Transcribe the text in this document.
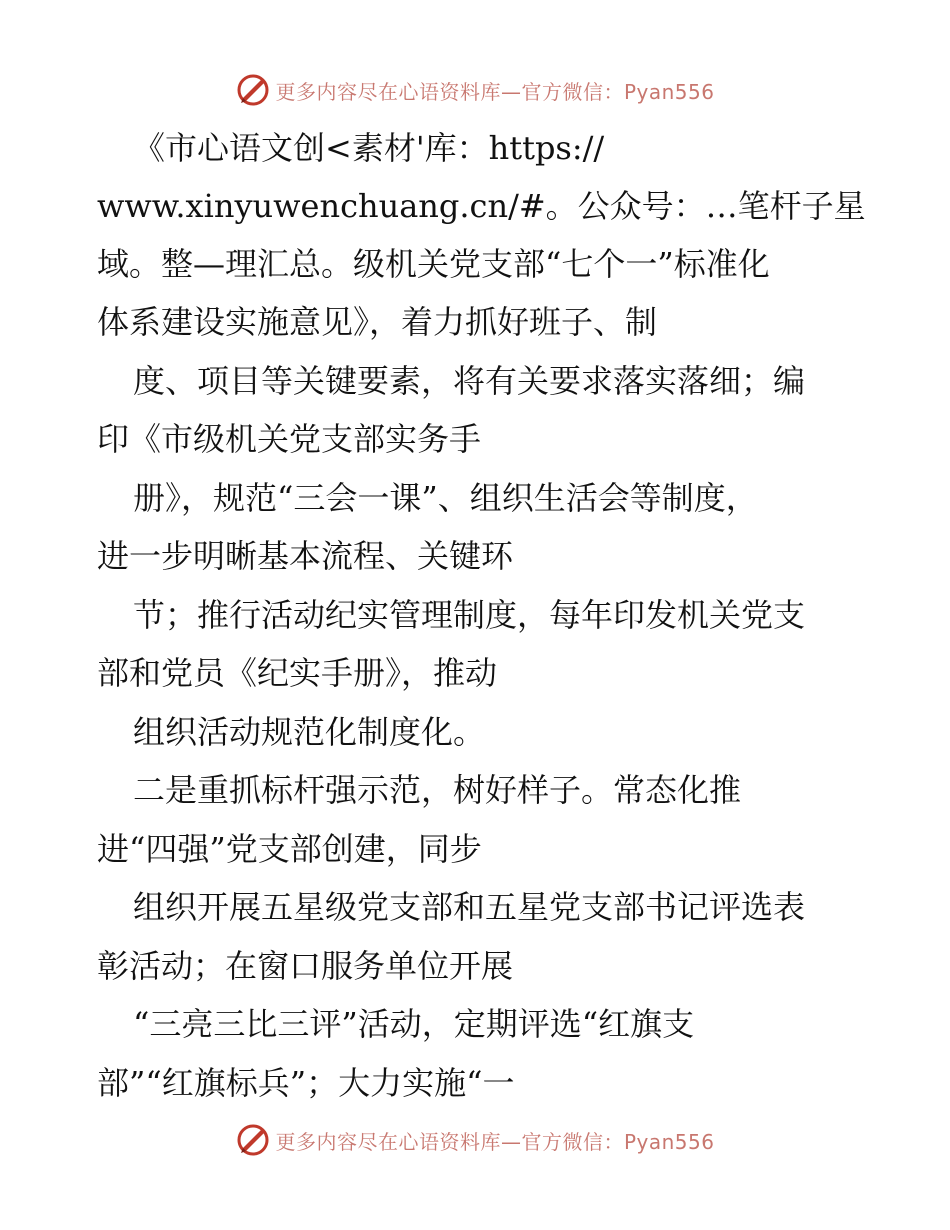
更多内容尽在心语资料库—官方微信：Pyan556
《市心语文创<素材'库：https://
www.xinyuwenchuang.cn/#。公众号：…笔杆子星
域。整—理汇总。级机关党支部“七个一”标准化
体系建设实施意见》，着力抓好班子、制
度、项目等关键要素，将有关要求落实落细；编
印《市级机关党支部实务手
册》，规范“三会一课”、组织生活会等制度，
进一步明晰基本流程、关键环
节；推行活动纪实管理制度，每年印发机关党支
部和党员《纪实手册》，推动
组织活动规范化制度化。
二是重抓标杆强示范，树好样子。常态化推
进“四强”党支部创建，同步
组织开展五星级党支部和五星党支部书记评选表
彰活动；在窗口服务单位开展
“三亮三比三评”活动，定期评选“红旗支
部”“红旗标兵”；大力实施“一
更多内容尽在心语资料库—官方微信：Pyan556
